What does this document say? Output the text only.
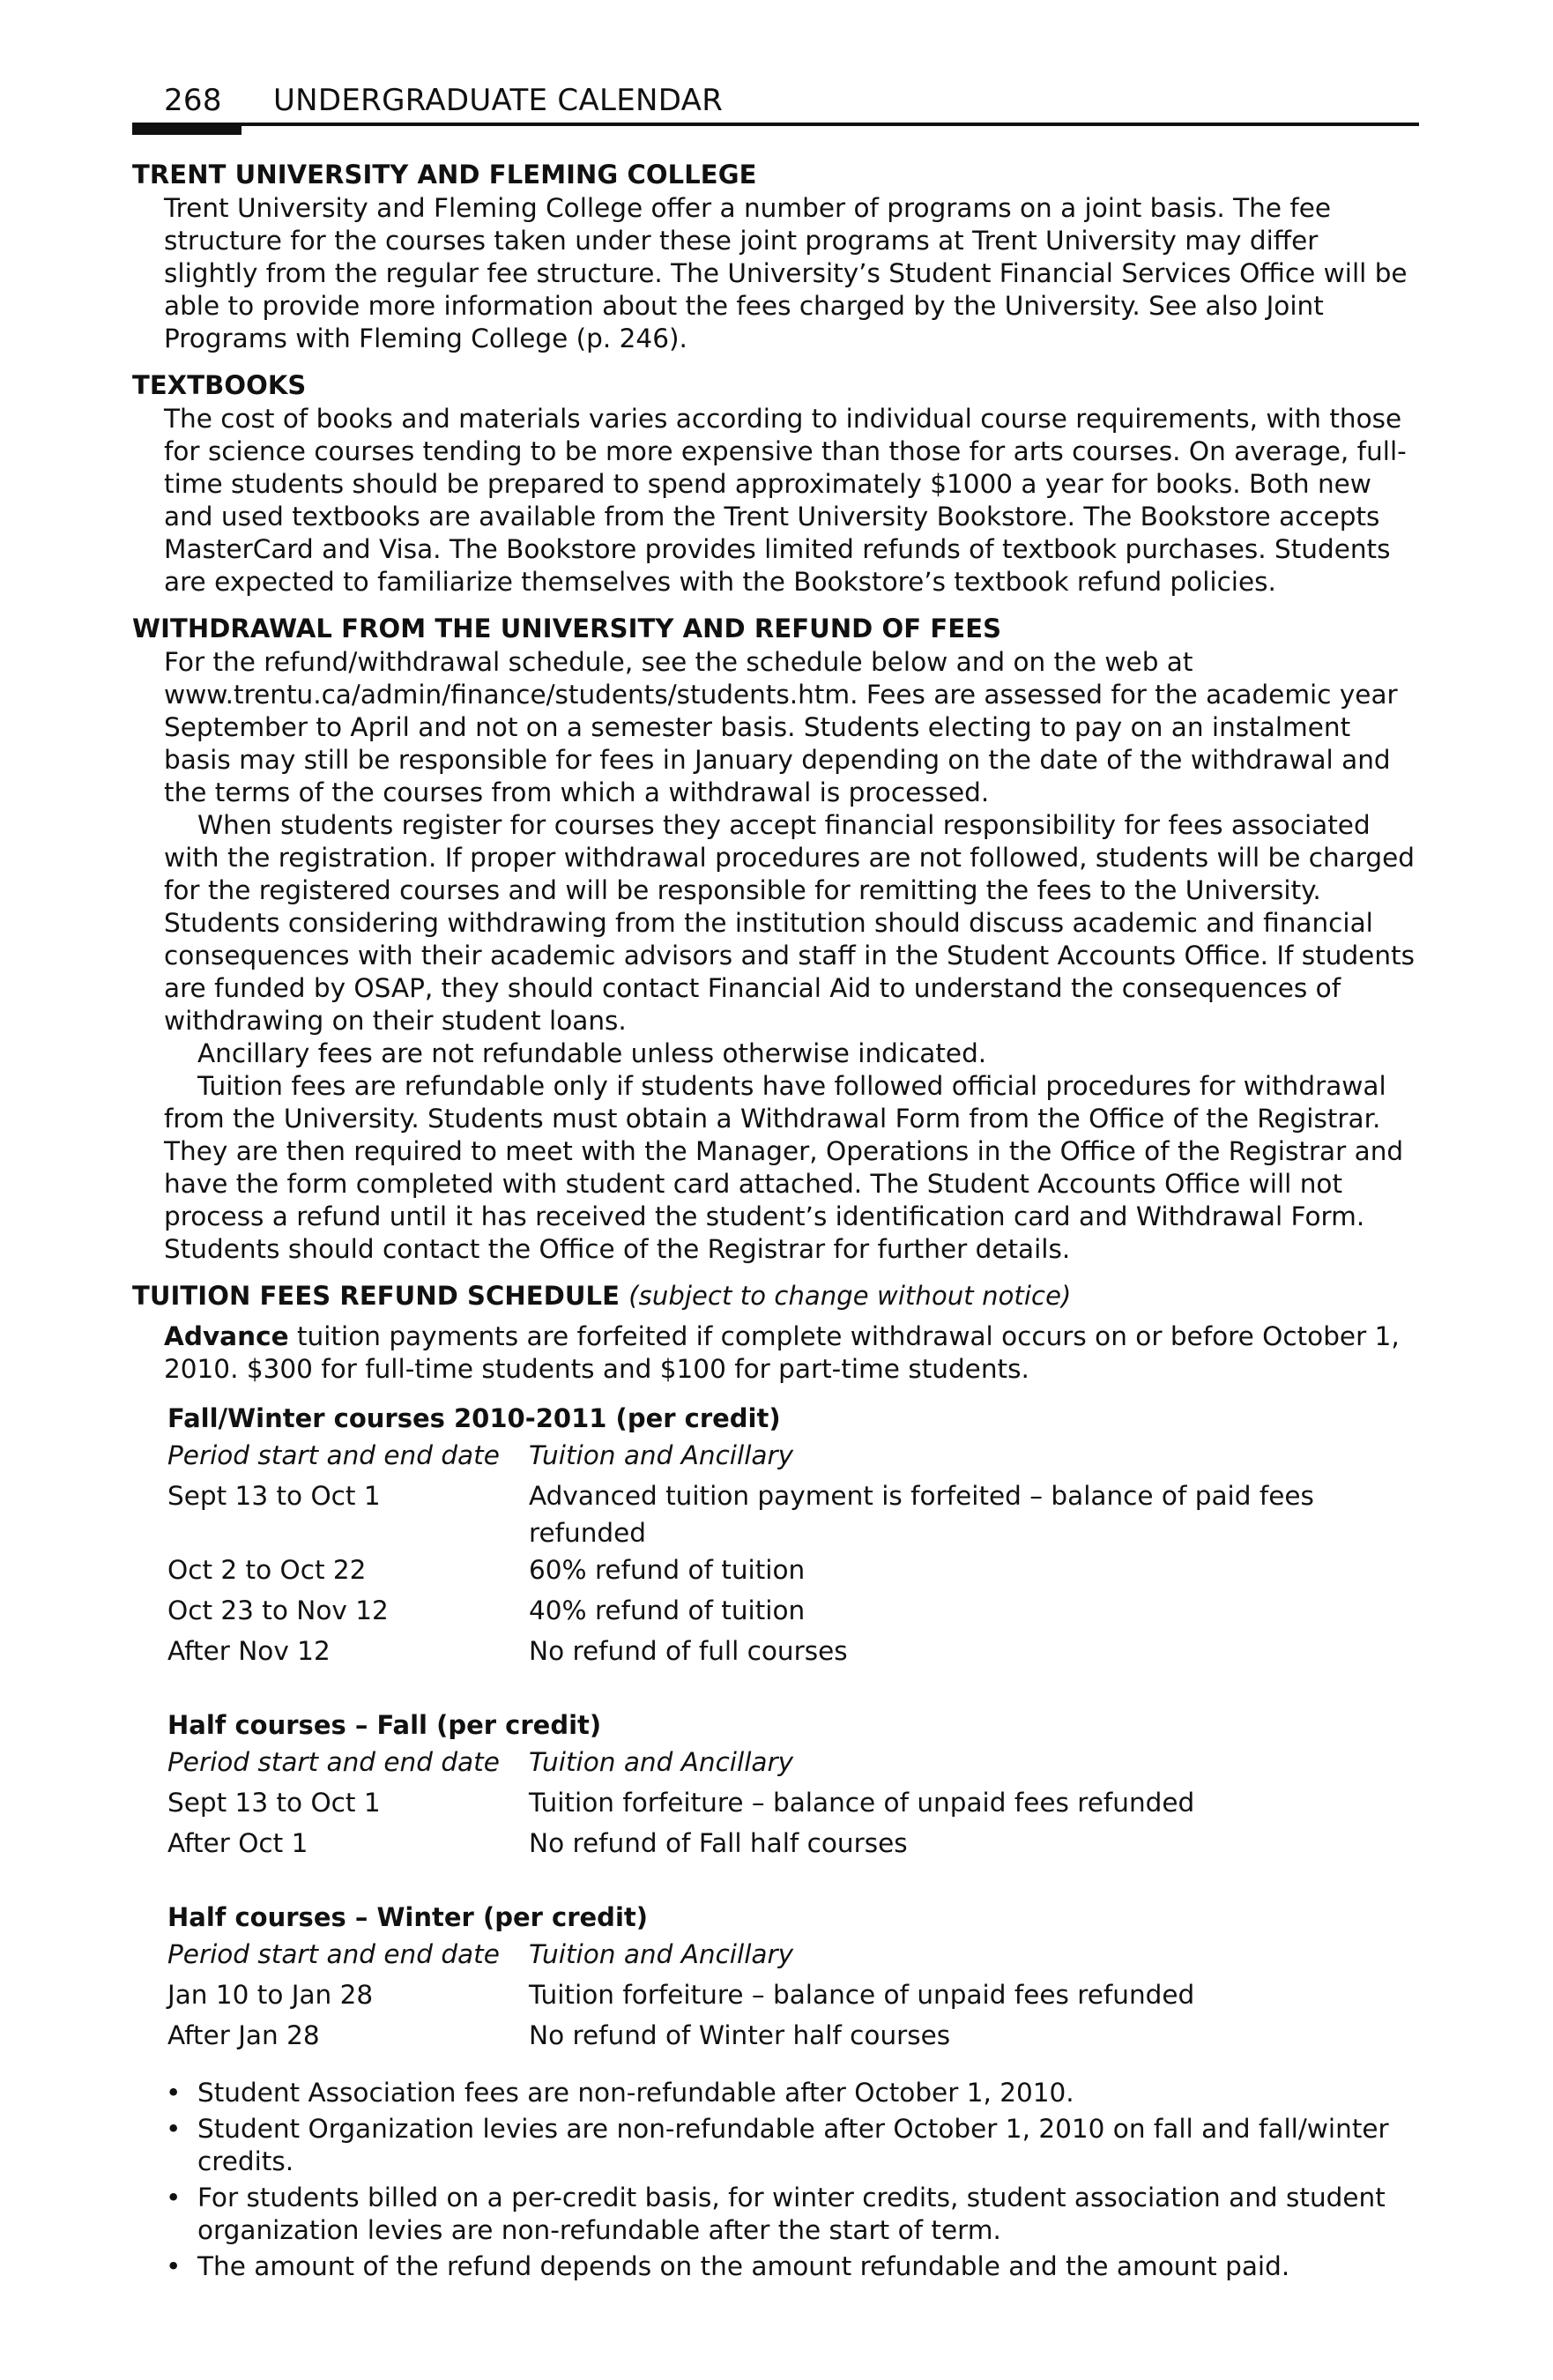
268 UNDERGRADUATE CALENDAR
TRENT UNIVERSITY AND FLEMING COLLEGE

Trent University and Fleming College offer a number of programs on a joint basis. The fee structure for the courses taken under these joint programs at Trent University may differ slightly from the regular fee structure. The University’s Student Financial Services Office will be able to provide more information about the fees charged by the University. See also Joint Programs with Fleming College (p. 246).

TEXTBOOKS

The cost of books and materials varies according to individual course requirements, with those for science courses tending to be more expensive than those for arts courses. On average, full-time students should be prepared to spend approximately $1000 a year for books. Both new and used textbooks are available from the Trent University Bookstore. The Bookstore accepts MasterCard and Visa. The Bookstore provides limited refunds of textbook purchases. Students are expected to familiarize themselves with the Bookstore’s textbook refund policies.

WITHDRAWAL FROM THE UNIVERSITY AND REFUND OF FEES

For the refund/withdrawal schedule, see the schedule below and on the web at www.trentu.ca/admin/finance/students/students.htm. Fees are assessed for the academic year September to April and not on a semester basis. Students electing to pay on an instalment basis may still be responsible for fees in January depending on the date of the withdrawal and the terms of the courses from which a withdrawal is processed.

When students register for courses they accept financial responsibility for fees associated with the registration. If proper withdrawal procedures are not followed, students will be charged for the registered courses and will be responsible for remitting the fees to the University. Students considering withdrawing from the institution should discuss academic and financial consequences with their academic advisors and staff in the Student Accounts Office. If students are funded by OSAP, they should contact Financial Aid to understand the consequences of withdrawing on their student loans.

Ancillary fees are not refundable unless otherwise indicated.

Tuition fees are refundable only if students have followed official procedures for withdrawal from the University. Students must obtain a Withdrawal Form from the Office of the Registrar. They are then required to meet with the Manager, Operations in the Office of the Registrar and have the form completed with student card attached. The Student Accounts Office will not process a refund until it has received the student’s identification card and Withdrawal Form. Students should contact the Office of the Registrar for further details.

TUITION FEES REFUND SCHEDULE (subject to change without notice)

Advance tuition payments are forfeited if complete withdrawal occurs on or before October 1, 2010. $300 for full-time students and $100 for part-time students.

Fall/Winter courses 2010-2011 (per credit)
Period start and end date	Tuition and Ancillary
Sept 13 to Oct 1	Advanced tuition payment is forfeited – balance of paid fees refunded
Oct 2 to Oct 22	60% refund of tuition
Oct 23 to Nov 12	40% refund of tuition
After Nov 12	No refund of full courses
Half courses – Fall (per credit)
Period start and end date	Tuition and Ancillary
Sept 13 to Oct 1	Tuition forfeiture – balance of unpaid fees refunded
After Oct 1	No refund of Fall half courses
Half courses – Winter (per credit)
Period start and end date	Tuition and Ancillary
Jan 10 to Jan 28	Tuition forfeiture – balance of unpaid fees refunded
After Jan 28	No refund of Winter half courses
• Student Association fees are non-refundable after October 1, 2010.
• Student Organization levies are non-refundable after October 1, 2010 on fall and fall/winter credits.
• For students billed on a per-credit basis, for winter credits, student association and student organization levies are non-refundable after the start of term.
• The amount of the refund depends on the amount refundable and the amount paid.
